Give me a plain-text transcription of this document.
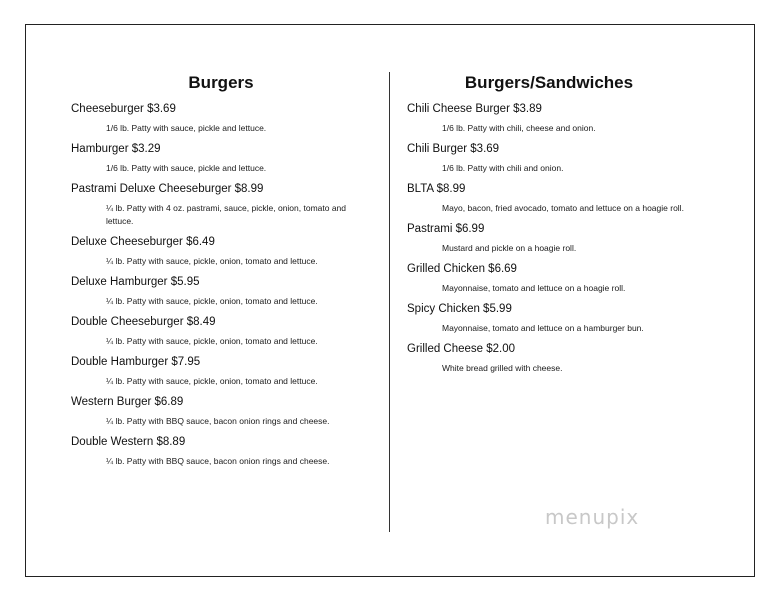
Burgers

Cheeseburger $3.69

1/6 lb. Patty with sauce, pickle and lettuce.

Hamburger $3.29

1/6 lb. Patty with sauce, pickle and lettuce.

Pastrami Deluxe Cheeseburger $8.99

¼ lb. Patty with 4 oz. pastrami, sauce, pickle, onion, tomato and lettuce.

Deluxe Cheeseburger $6.49

¼ lb. Patty with sauce, pickle, onion, tomato and lettuce.

Deluxe Hamburger $5.95

¼ lb. Patty with sauce, pickle, onion, tomato and lettuce.

Double Cheeseburger $8.49

¼ lb. Patty with sauce, pickle, onion, tomato and lettuce.

Double Hamburger $7.95

¼ lb. Patty with sauce, pickle, onion, tomato and lettuce.

Western Burger $6.89

¼ lb. Patty with BBQ sauce, bacon onion rings and cheese.

Double Western $8.89

¼ lb. Patty with BBQ sauce, bacon onion rings and cheese.

Burgers/Sandwiches

Chili Cheese Burger $3.89

1/6 lb. Patty with chili, cheese and onion.

Chili Burger $3.69

1/6 lb. Patty with chili and onion.

BLTA $8.99

Mayo, bacon, fried avocado, tomato and lettuce on a hoagie roll.

Pastrami $6.99

Mustard and pickle on a hoagie roll.

Grilled Chicken $6.69

Mayonnaise, tomato and lettuce on a hoagie roll.

Spicy Chicken $5.99

Mayonnaise, tomato and lettuce on a hamburger bun.

Grilled Cheese $2.00

White bread grilled with cheese.

menupix
